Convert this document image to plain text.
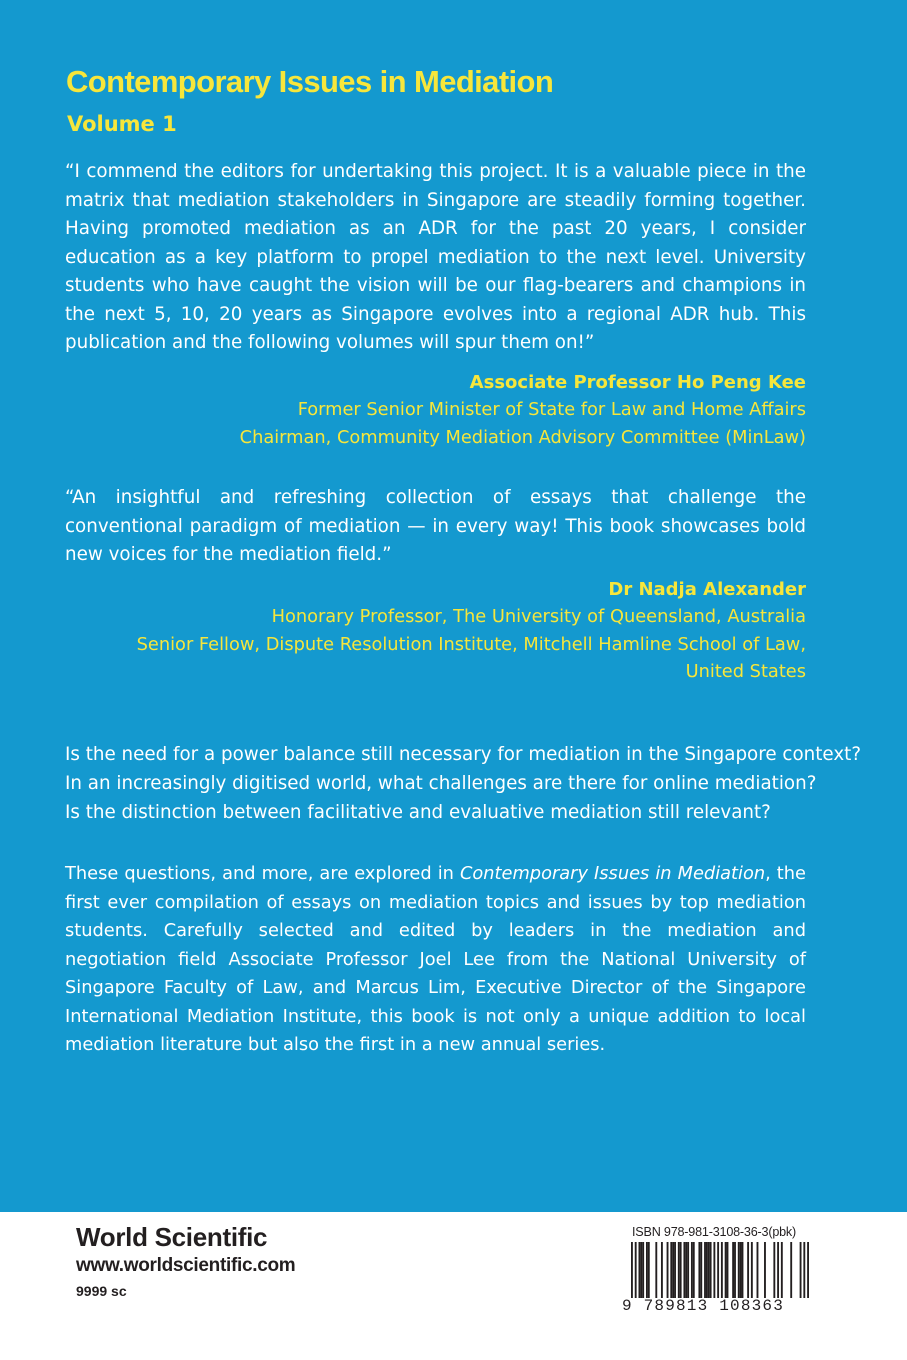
Contemporary Issues in Mediation
Volume 1

“I commend the editors for undertaking this project. It is a valuable piece in the matrix that mediation stakeholders in Singapore are steadily forming together. Having promoted mediation as an ADR for the past 20 years, I consider education as a key platform to propel mediation to the next level. University students who have caught the vision will be our flag-bearers and champions in the next 5, 10, 20 years as Singapore evolves into a regional ADR hub. This publication and the following volumes will spur them on!”

Associate Professor Ho Peng Kee
Former Senior Minister of State for Law and Home Affairs
Chairman, Community Mediation Advisory Committee (MinLaw)

“An insightful and refreshing collection of essays that challenge the conventional paradigm of mediation — in every way! This book showcases bold new voices for the mediation field.”

Dr Nadja Alexander
Honorary Professor, The University of Queensland, Australia
Senior Fellow, Dispute Resolution Institute, Mitchell Hamline School of Law,
United States
Is the need for a power balance still necessary for mediation in the Singapore context?
In an increasingly digitised world, what challenges are there for online mediation?
Is the distinction between facilitative and evaluative mediation still relevant?

These questions, and more, are explored in Contemporary Issues in Mediation, the first ever compilation of essays on mediation topics and issues by top mediation students. Carefully selected and edited by leaders in the mediation and negotiation field Associate Professor Joel Lee from the National University of Singapore Faculty of Law, and Marcus Lim, Executive Director of the Singapore International Mediation Institute, this book is not only a unique addition to local mediation literature but also the first in a new annual series.

World Scientific
www.worldscientific.com
9999 sc
ISBN 978-981-3108-36-3(pbk)
9 789813 108363
